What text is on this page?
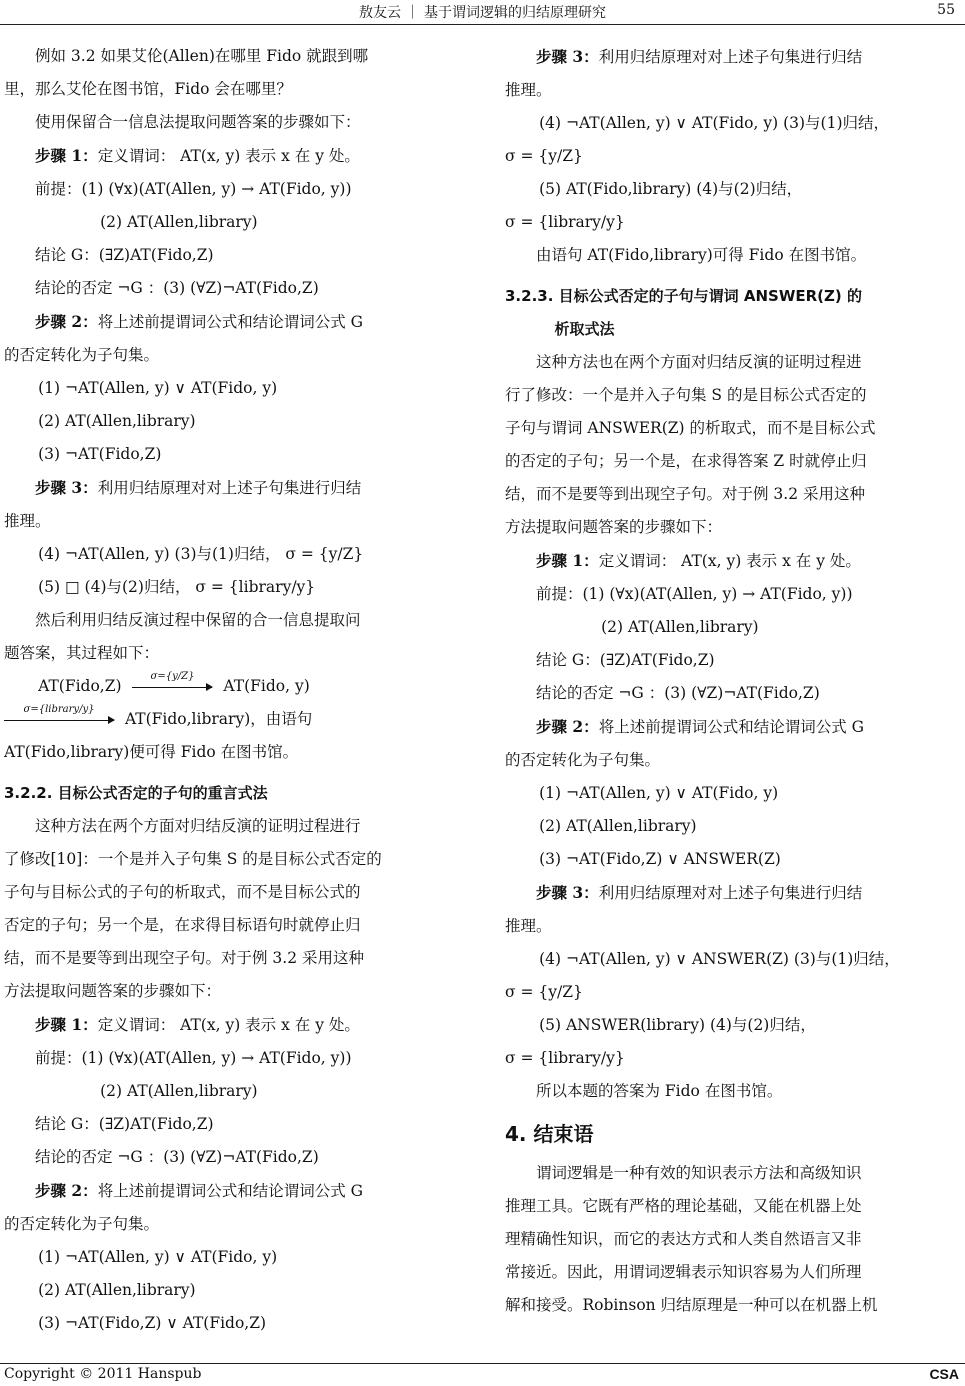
敖友云 ｜ 基于谓词逻辑的归结原理研究	55
例如 3.2 如果艾伦(Allen)在哪里 Fido 就跟到哪
里，那么艾伦在图书馆，Fido 会在哪里？
使用保留合一信息法提取问题答案的步骤如下：
步骤 1：定义谓词： AT(x, y) 表示 x 在 y 处。
前提：(1) (∀x)(AT(Allen, y) → AT(Fido, y))
(2) AT(Allen,library)
结论 G：(∃Z)AT(Fido,Z)
结论的否定 ¬G ：(3) (∀Z)¬AT(Fido,Z)
步骤 2：将上述前提谓词公式和结论谓词公式 G
的否定转化为子句集。
(1) ¬AT(Allen, y) ∨ AT(Fido, y)
(2) AT(Allen,library)
(3) ¬AT(Fido,Z)
步骤 3：利用归结原理对对上述子句集进行归结
推理。
(4) ¬AT(Allen, y) (3)与(1)归结， σ = {y/Z}
(5) □ (4)与(2)归结， σ = {library/y}
然后利用归结反演过程中保留的合一信息提取问
题答案，其过程如下：
AT(Fido,Z)
σ={y/Z}
AT(Fido, y)
σ={library/y}
AT(Fido,library)，由语句
AT(Fido,library)便可得 Fido 在图书馆。
3.2.2. 目标公式否定的子句的重言式法
这种方法在两个方面对归结反演的证明过程进行
了修改[10]：一个是并入子句集 S 的是目标公式否定的
子句与目标公式的子句的析取式，而不是目标公式的
否定的子句；另一个是，在求得目标语句时就停止归
结，而不是要等到出现空子句。对于例 3.2 采用这种
方法提取问题答案的步骤如下：
步骤 1：定义谓词： AT(x, y) 表示 x 在 y 处。
前提：(1) (∀x)(AT(Allen, y) → AT(Fido, y))
(2) AT(Allen,library)
结论 G：(∃Z)AT(Fido,Z)
结论的否定 ¬G ：(3) (∀Z)¬AT(Fido,Z)
步骤 2：将上述前提谓词公式和结论谓词公式 G
的否定转化为子句集。
(1) ¬AT(Allen, y) ∨ AT(Fido, y)
(2) AT(Allen,library)
(3) ¬AT(Fido,Z) ∨ AT(Fido,Z)
步骤 3：利用归结原理对对上述子句集进行归结
推理。
(4) ¬AT(Allen, y) ∨ AT(Fido, y) (3)与(1)归结，
σ = {y/Z}
(5) AT(Fido,library) (4)与(2)归结，
σ = {library/y}
由语句 AT(Fido,library)可得 Fido 在图书馆。
3.2.3. 目标公式否定的子句与谓词 ANSWER(Z) 的
析取式法
这种方法也在两个方面对归结反演的证明过程进
行了修改：一个是并入子句集 S 的是目标公式否定的
子句与谓词 ANSWER(Z) 的析取式，而不是目标公式
的否定的子句；另一个是，在求得答案 Z 时就停止归
结，而不是要等到出现空子句。对于例 3.2 采用这种
方法提取问题答案的步骤如下：
步骤 1：定义谓词： AT(x, y) 表示 x 在 y 处。
前提：(1) (∀x)(AT(Allen, y) → AT(Fido, y))
(2) AT(Allen,library)
结论 G：(∃Z)AT(Fido,Z)
结论的否定 ¬G ：(3) (∀Z)¬AT(Fido,Z)
步骤 2：将上述前提谓词公式和结论谓词公式 G
的否定转化为子句集。
(1) ¬AT(Allen, y) ∨ AT(Fido, y)
(2) AT(Allen,library)
(3) ¬AT(Fido,Z) ∨ ANSWER(Z)
步骤 3：利用归结原理对对上述子句集进行归结
推理。
(4) ¬AT(Allen, y) ∨ ANSWER(Z) (3)与(1)归结，
σ = {y/Z}
(5) ANSWER(library) (4)与(2)归结，
σ = {library/y}
所以本题的答案为 Fido 在图书馆。
4. 结束语
谓词逻辑是一种有效的知识表示方法和高级知识
推理工具。它既有严格的理论基础，又能在机器上处
理精确性知识，而它的表达方式和人类自然语言又非
常接近。因此，用谓词逻辑表示知识容易为人们所理
解和接受。Robinson 归结原理是一种可以在机器上机
Copyright © 2011 Hanspub	CSA
